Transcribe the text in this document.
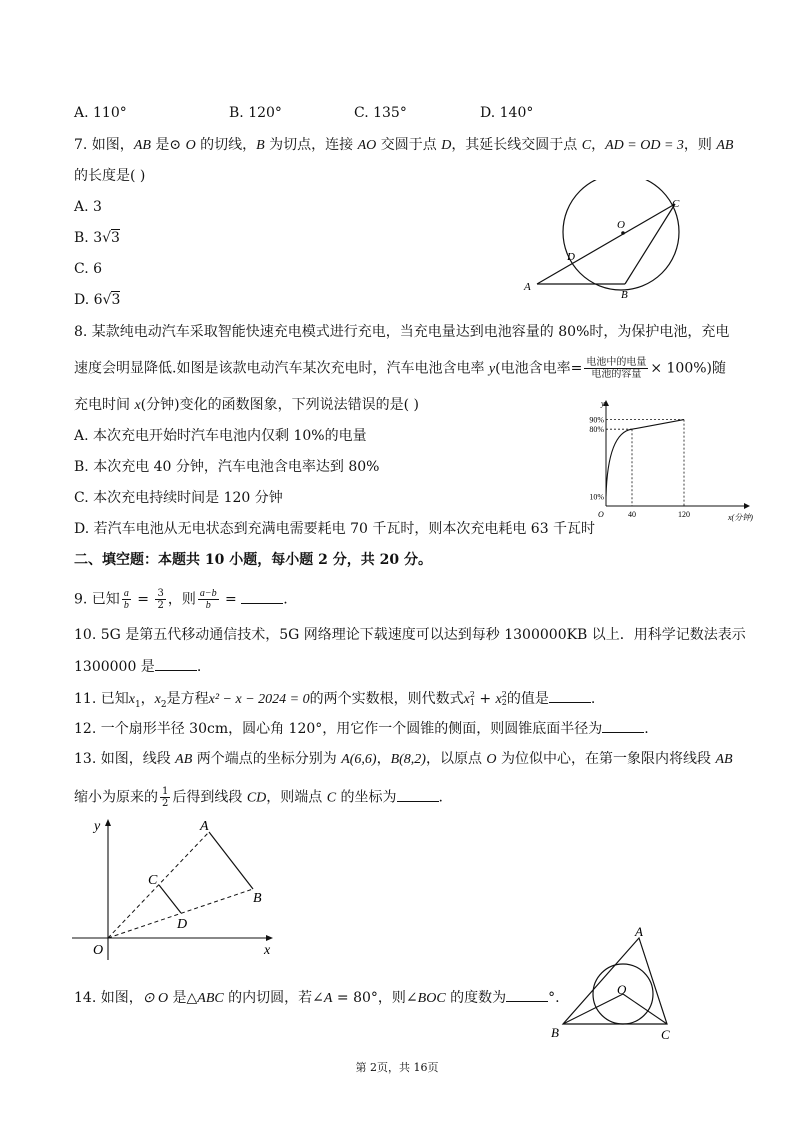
A. 110°	B. 120°	C. 135°	D. 140°
7. 如图，AB 是⊙ O 的切线，B 为切点，连接 AO 交圆于点 D，其延长线交圆于点 C，AD = OD = 3，则 AB
的长度是( )
A. 3
B. 3√3
C. 6
D. 6√3
A
B
C
D
O
8. 某款纯电动汽车采取智能快速充电模式进行充电，当充电量达到电池容量的 80%时，为保护电池，充电
速度会明显降低.如图是该款电动汽车某次充电时，汽车电池含电率 y(电池含电率= $\frac{\text{电池中的电量}}{\text{电池的容量}} \times 100\%$)随
充电时间 x(分钟)变化的函数图象，下列说法错误的是( )
A. 本次充电开始时汽车电池内仅剩 10%的电量
B. 本次充电 40 分钟，汽车电池含电率达到 80%
C. 本次充电持续时间是 120 分钟
D. 若汽车电池从无电状态到充满电需要耗电 70 千瓦时，则本次充电耗电 63 千瓦时
y
x(分钟)
O	40	120
10%
80%
90%
二、填空题：本题共 10 小题，每小题 2 分，共 20 分。
9. 已知 $\frac{a}{b} = \frac{3}{2}$ ，则 $\frac{a-b}{b}$ =	.
10. 5G 是第五代移动通信技术，5G 网络理论下载速度可以达到每秒 1300000KB 以上．用科学记数法表示
1300000 是	.
11. 已知$x_1$，$x_2$是方程x² − x − 2024 = 0的两个实数根，则代数式x 2
1 + x 2
2 的值是	.
12. 一个扇形半径 30cm，圆心角 120°，用它作一个圆锥的侧面，则圆锥底面半径为	.
13. 如图，线段 AB 两个端点的坐标分别为 A(6,6)，B(8,2)，以原点 O 为位似中心，在第一象限内将线段 AB
缩小为原来的 $\frac{1}{2}$ 后得到线段 CD，则端点 C 的坐标为	.
y
x
O
A
B
C
D
14. 如图，⊙ O 是△ABC 的内切圆，若∠A = 80°，则∠BOC 的度数为	°.
A
B	C
O
第 2页，共 16页
